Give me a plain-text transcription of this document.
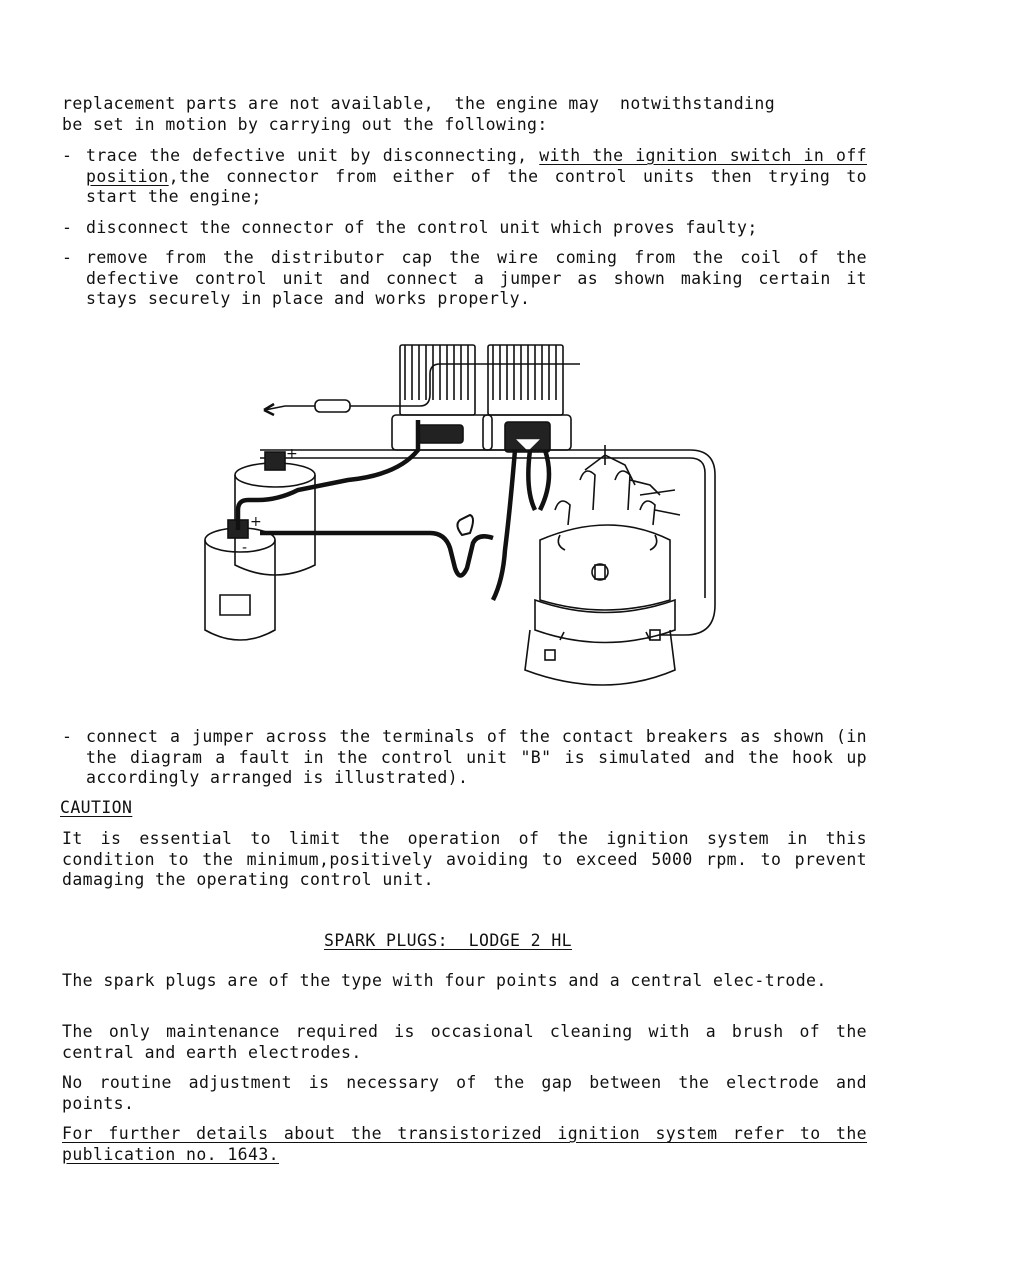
replacement parts are not available,  the engine may  notwithstanding
be set in motion by carrying out the following:
- trace the defective unit by disconnecting, with the ignition switch in off position,the connector from either of the control units then trying to start the engine;
- disconnect the connector of the control unit which proves faulty;
- remove from the distributor cap the wire coming from the coil of the defective control unit and connect a jumper as shown making certain it stays securely in place and works properly.
+
+
-
- connect a jumper across the terminals of the contact breakers as shown (in the diagram a fault in the control unit "B" is simulated and the hook up accordingly arranged is illustrated).
CAUTION
It is essential to limit the operation of the ignition system in this condition to the minimum,positively avoiding to exceed 5000 rpm. to prevent damaging the operating control unit.
SPARK PLUGS:  LODGE 2 HL
The spark plugs are of the type with four points and a central elec-trode.
The only maintenance required is occasional cleaning with a brush of the central and earth electrodes.
No routine adjustment is necessary of the gap between the electrode and points.
For further details about the transistorized ignition system refer to the publication no. 1643.
